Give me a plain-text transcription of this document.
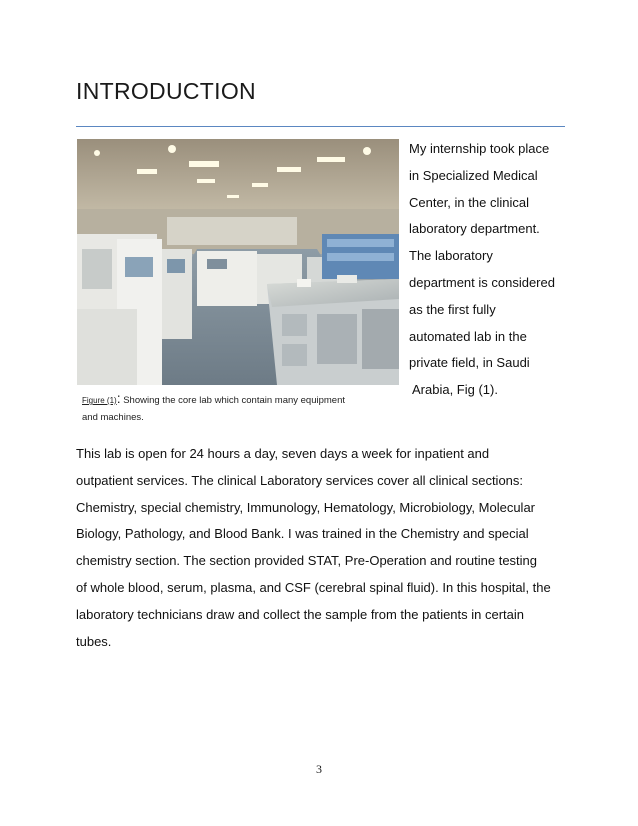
INTRODUCTION
Figure (1): Showing the core lab which contain many equipment
and machines.
My internship took place
in Specialized Medical
Center, in the clinical
laboratory department.
The laboratory
department is considered
as the first fully
automated lab in the
private field, in Saudi
Arabia, Fig (1).
This lab is open for 24 hours a day, seven days a week for inpatient and
outpatient services. The clinical Laboratory services cover all clinical sections:
Chemistry, special chemistry, Immunology, Hematology, Microbiology, Molecular
Biology, Pathology, and Blood Bank. I was trained in the Chemistry and special
chemistry section. The section provided STAT, Pre-Operation and routine testing
of whole blood, serum, plasma, and CSF (cerebral spinal fluid). In this hospital, the
laboratory technicians draw and collect the sample from the patients in certain
tubes.
3
